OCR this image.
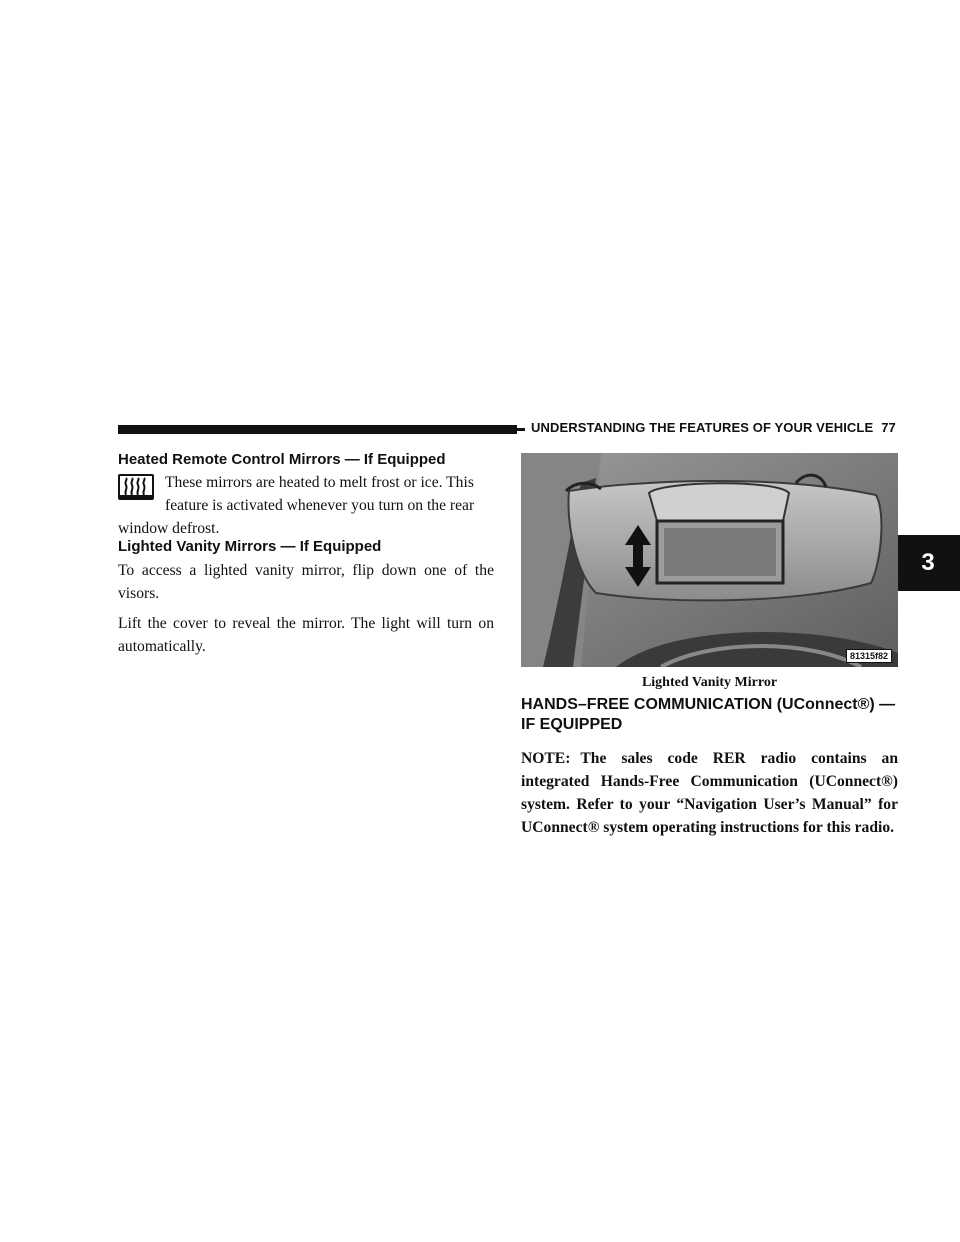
UNDERSTANDING THE FEATURES OF YOUR VEHICLE 77
3
Heated Remote Control Mirrors — If Equipped

These mirrors are heated to melt frost or ice. This

feature is activated whenever you turn on the rear

window defrost.

Lighted Vanity Mirrors — If Equipped

To access a lighted vanity mirror, flip down one of the visors.

Lift the cover to reveal the mirror. The light will turn on automatically.

81315f82
Lighted Vanity Mirror
HANDS–FREE COMMUNICATION (UConnect®) —
IF EQUIPPED

NOTE: The sales code RER radio contains an integrated Hands-Free Communication (UConnect®) system. Refer to your “Navigation User’s Manual” for UConnect® system operating instructions for this radio.
